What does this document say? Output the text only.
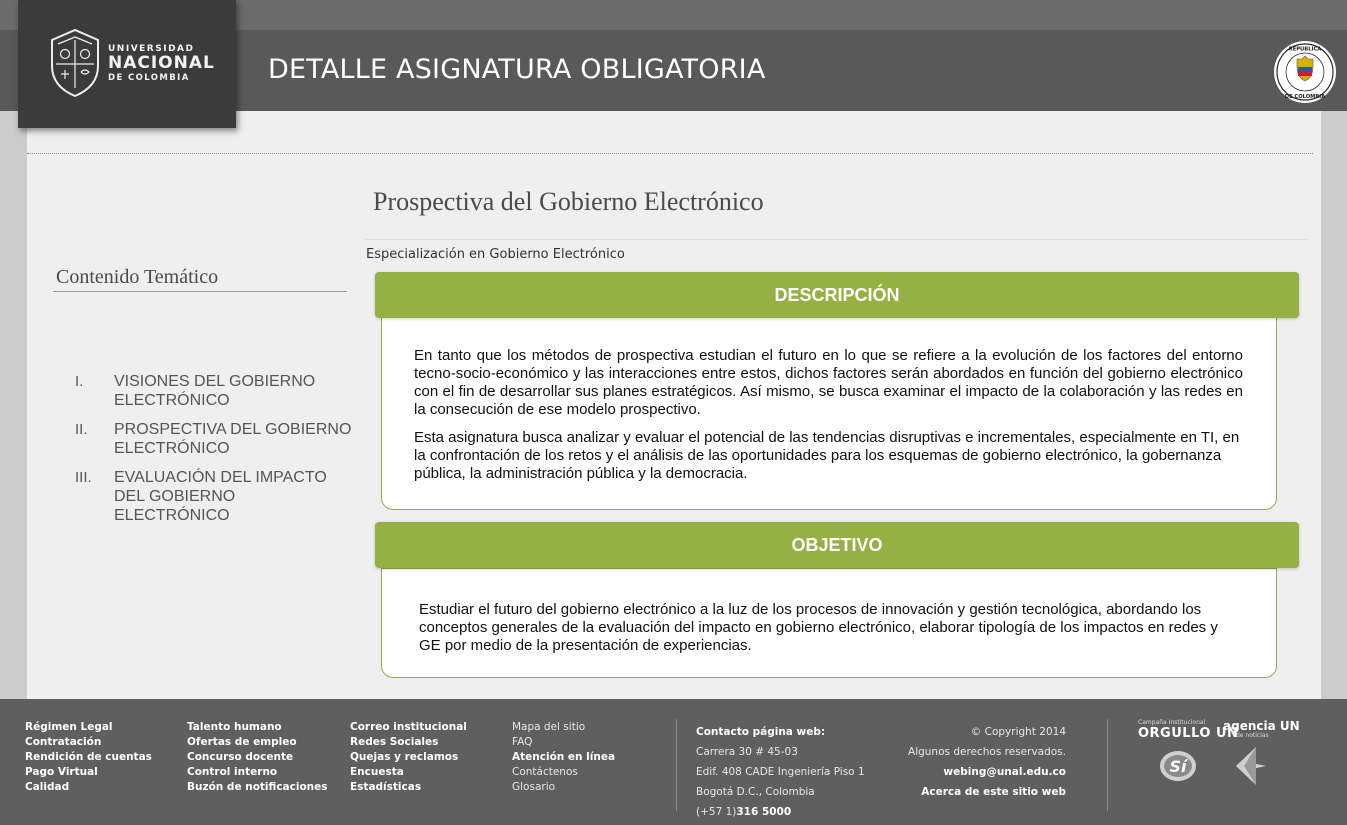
DETALLE ASIGNATURA OBLIGATORIA
REPUBLICA
DE COLOMBIA
UNIVERSIDAD
NACIONAL
DE COLOMBIA
Prospectiva del Gobierno Electrónico
Especialización en Gobierno Electrónico
Contenido Temático
I. VISIONES DEL GOBIERNO ELECTRÓNICO
II. PROSPECTIVA DEL GOBIERNO ELECTRÓNICO
III. EVALUACIÓN DEL IMPACTO DEL GOBIERNO ELECTRÓNICO
DESCRIPCIÓN

En tanto que los métodos de prospectiva estudian el futuro en lo que se refiere a la evolución de los factores del entorno tecno-socio-económico y las interacciones entre estos, dichos factores serán abordados en función del gobierno electrónico con el fin de desarrollar sus planes estratégicos. Así mismo, se busca examinar el impacto de la colaboración y las redes en la consecución de ese modelo prospectivo.

Esta asignatura busca analizar y evaluar el potencial de las tendencias disruptivas e incrementales, especialmente en TI, en la confrontación de los retos y el análisis de las oportunidades para los esquemas de gobierno electrónico, la gobernanza pública, la administración pública y la democracia.

OBJETIVO

Estudiar el futuro del gobierno electrónico a la luz de los procesos de innovación y gestión tecnológica, abordando los conceptos generales de la evaluación del impacto en gobierno electrónico, elaborar tipología de los impactos en redes y GE por medio de la presentación de experiencias.

Régimen Legal
Contratación
Rendición de cuentas
Pago Virtual
Calidad
Talento humano
Ofertas de empleo
Concurso docente
Control interno
Buzón de notificaciones
Correo institucional
Redes Sociales
Quejas y reclamos
Encuesta
Estadísticas
Mapa del sitio
FAQ
Atención en línea
Contáctenos
Glosario
Contacto página web:
Carrera 30 # 45-03
Edif. 408 CADE Ingeniería Piso 1
Bogotá D.C., Colombia
(+57 1)316 5000
© Copyright 2014
Algunos derechos reservados.
webing@unal.edu.co
Acerca de este sitio web
Campaña Institucional
ORGULLO UN
agencia UN
de noticias
Sí
